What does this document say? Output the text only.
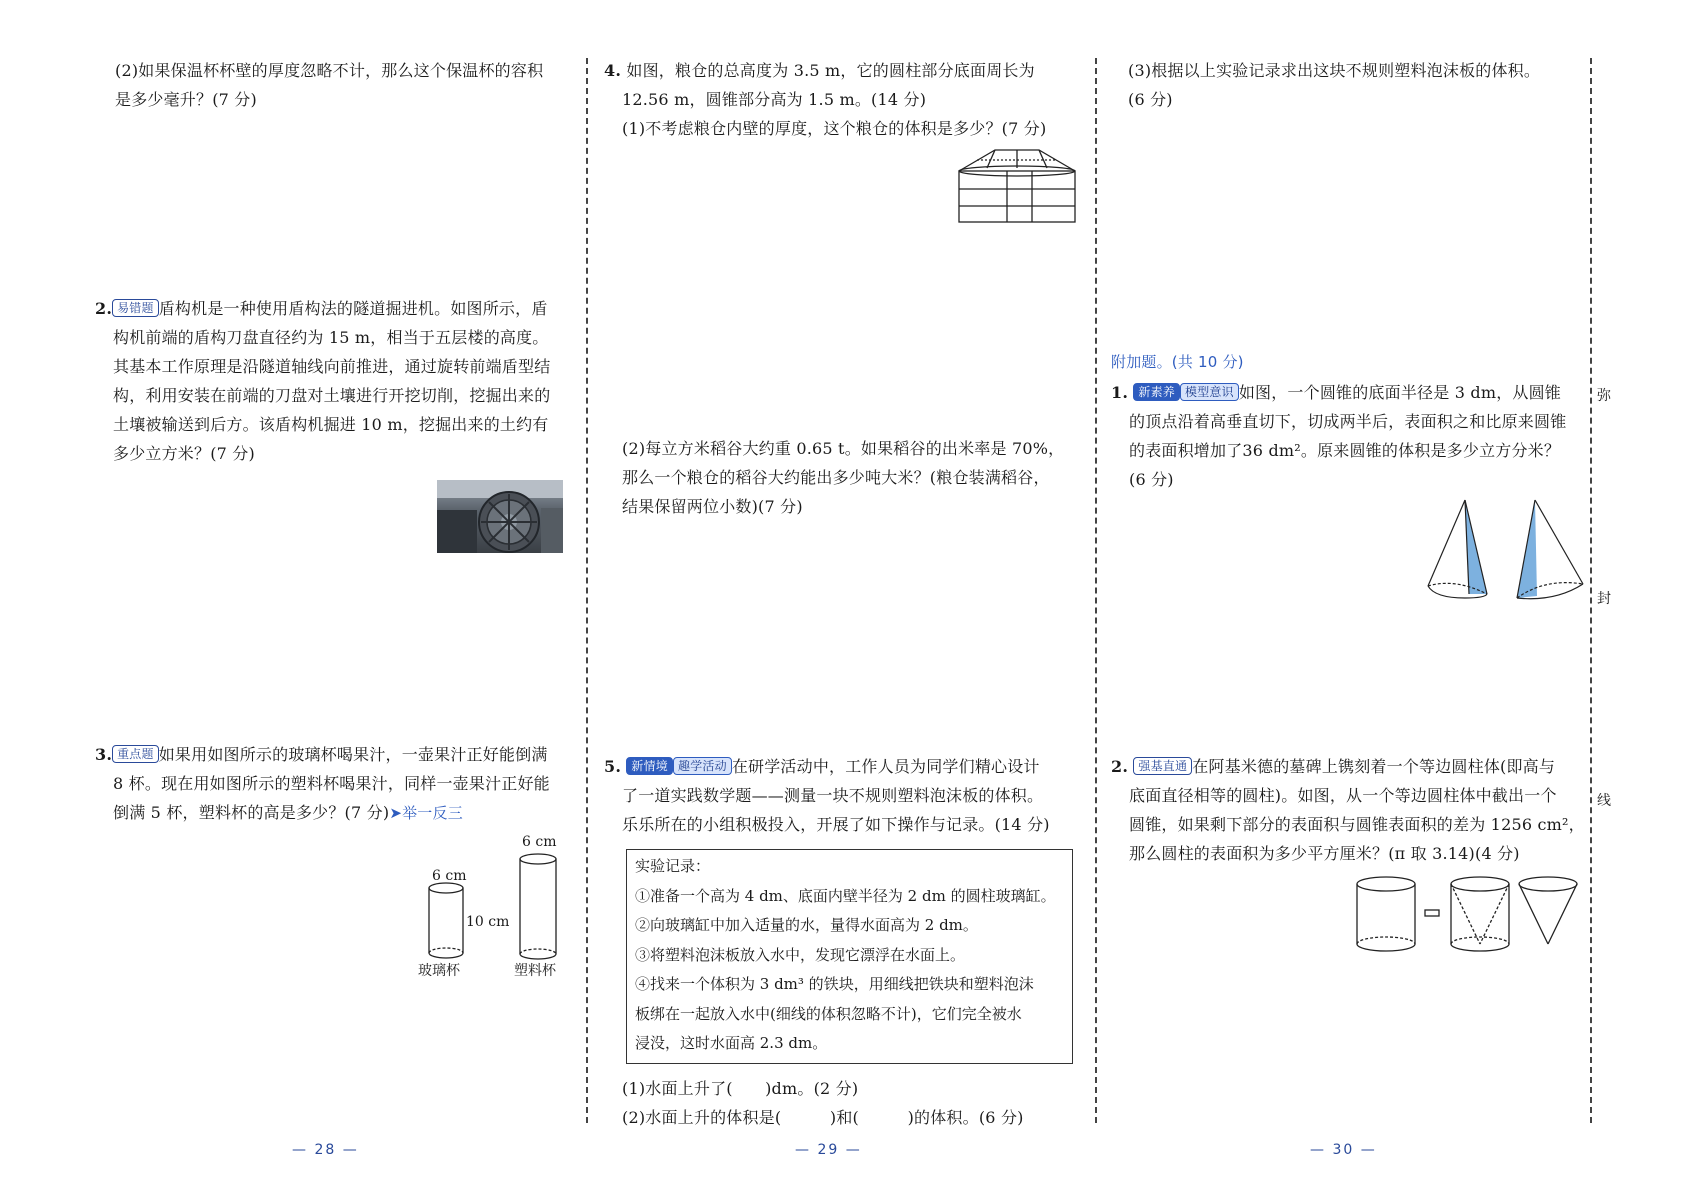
(2)如果保温杯杯壁的厚度忽略不计，那么这个保温杯的容积
是多少毫升？(7 分)
2. 易错题 盾构机是一种使用盾构法的隧道掘进机。如图所示，盾
构机前端的盾构刀盘直径约为 15 m，相当于五层楼的高度。
其基本工作原理是沿隧道轴线向前推进，通过旋转前端盾型结
构，利用安装在前端的刀盘对土壤进行开挖切削，挖掘出来的
土壤被输送到后方。该盾构机掘进 10 m，挖掘出来的土约有
多少立方米？(7 分)
3. 重点题 如果用如图所示的玻璃杯喝果汁，一壶果汁正好能倒满
8 杯。现在用如图所示的塑料杯喝果汁，同样一壶果汁正好能
倒满 5 杯，塑料杯的高是多少？(7 分)➤举一反三
6 cm
10 cm
玻璃杯
6 cm
塑料杯
— 28 —
4. 如图，粮仓的总高度为 3.5 m，它的圆柱部分底面周长为
12.56 m，圆锥部分高为 1.5 m。(14 分)
(1)不考虑粮仓内壁的厚度，这个粮仓的体积是多少？(7 分)
(2)每立方米稻谷大约重 0.65 t。如果稻谷的出米率是 70%，
那么一个粮仓的稻谷大约能出多少吨大米？(粮仓装满稻谷，
结果保留两位小数)(7 分)
5. 新情境 趣学活动 在研学活动中，工作人员为同学们精心设计
了一道实践数学题——测量一块不规则塑料泡沫板的体积。
乐乐所在的小组积极投入，开展了如下操作与记录。(14 分)
实验记录：
①准备一个高为 4 dm、底面内壁半径为 2 dm 的圆柱玻璃缸。
②向玻璃缸中加入适量的水，量得水面高为 2 dm。
③将塑料泡沫板放入水中，发现它漂浮在水面上。
④找来一个体积为 3 dm³ 的铁块，用细线把铁块和塑料泡沫
板绑在一起放入水中(细线的体积忽略不计)，它们完全被水
浸没，这时水面高 2.3 dm。
(1)水面上升了(　　)dm。(2 分)
(2)水面上升的体积是(　　　)和(　　　)的体积。(6 分)
— 29 —
(3)根据以上实验记录求出这块不规则塑料泡沫板的体积。
(6 分)
附加题。(共 10 分)
1. 新素养 模型意识 如图，一个圆锥的底面半径是 3 dm，从圆锥
的顶点沿着高垂直切下，切成两半后，表面积之和比原来圆锥
的表面积增加了36 dm²。原来圆锥的体积是多少立方分米？
(6 分)
2. 强基直通 在阿基米德的墓碑上镌刻着一个等边圆柱体(即高与
底面直径相等的圆柱)。如图，从一个等边圆柱体中截出一个
圆锥，如果剩下部分的表面积与圆锥表面积的差为 1256 cm²，
那么圆柱的表面积为多少平方厘米？(π 取 3.14)(4 分)
弥
封
线
— 30 —
